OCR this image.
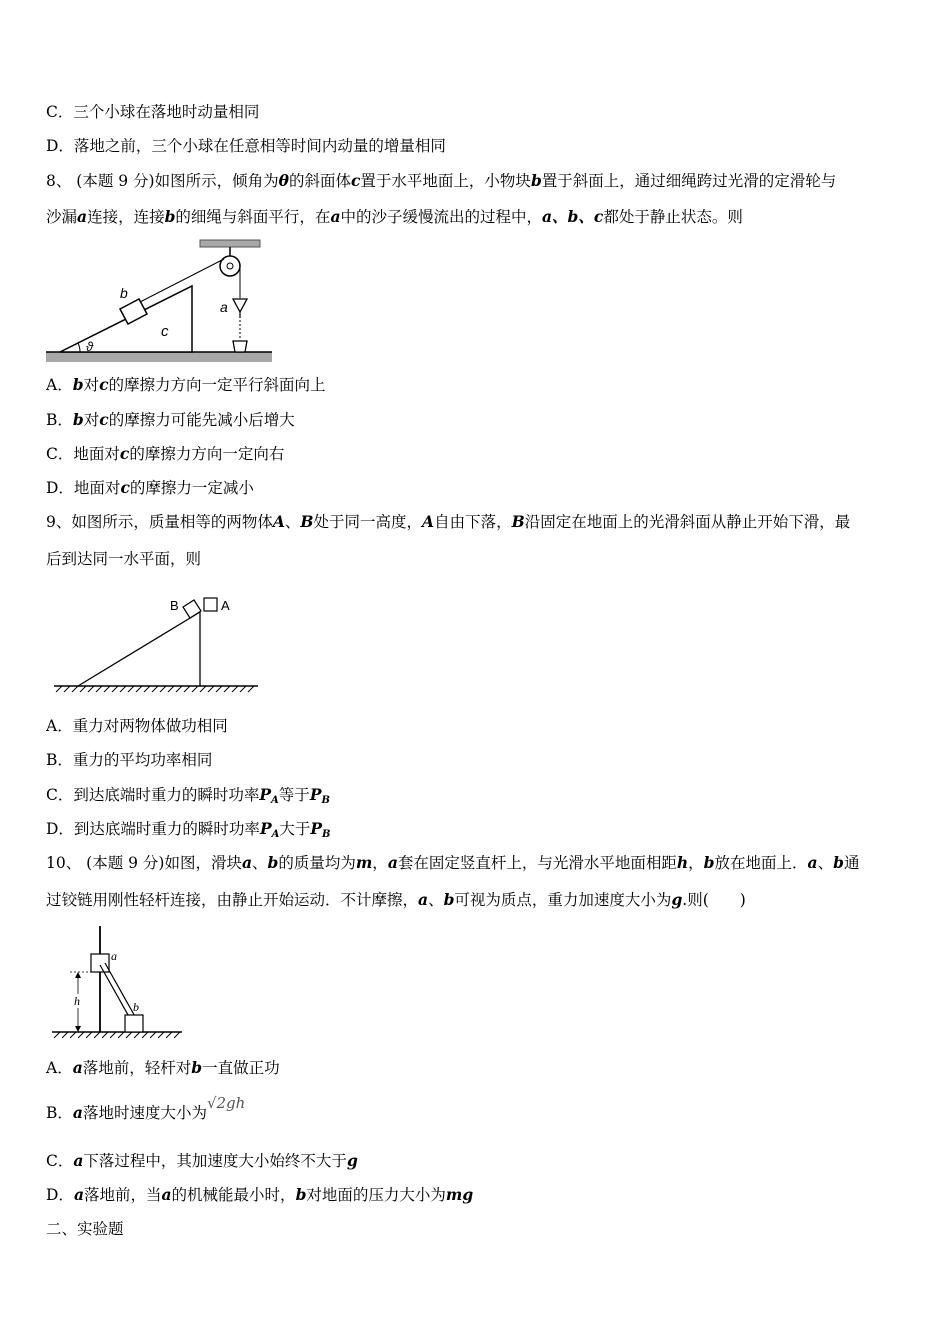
C．三个小球在落地时动量相同
D．落地之前，三个小球在任意相等时间内动量的增量相同
8、 (本题 9 分)如图所示，倾角为θ的斜面体c置于水平地面上，小物块b置于斜面上，通过细绳跨过光滑的定滑轮与
沙漏a连接，连接b的细绳与斜面平行，在a中的沙子缓慢流出的过程中，a、b、c都处于静止状态。则
b
c
a
ϑ
A．b对c的摩擦力方向一定平行斜面向上
B．b对c的摩擦力可能先减小后增大
C．地面对c的摩擦力方向一定向右
D．地面对c的摩擦力一定减小
9、如图所示，质量相等的两物体A、B处于同一高度，A自由下落，B沿固定在地面上的光滑斜面从静止开始下滑，最
后到达同一水平面，则
B	A
A．重力对两物体做功相同
B．重力的平均功率相同
C．到达底端时重力的瞬时功率$P_A$等于$P_B$
D．到达底端时重力的瞬时功率$P_A$大于$P_B$
10、 (本题 9 分)如图，滑块a、b的质量均为m，a套在固定竖直杆上，与光滑水平地面相距h，b放在地面上．a、b通
过铰链用刚性轻杆连接，由静止开始运动．不计摩擦，a、b可视为质点，重力加速度大小为g.则(　　)
a
h	b
A．a落地前，轻杆对b一直做正功
B．a落地时速度大小为√2gh
C．a下落过程中，其加速度大小始终不大于g
D．a落地前，当a的机械能最小时，b对地面的压力大小为mg
二、实验题
